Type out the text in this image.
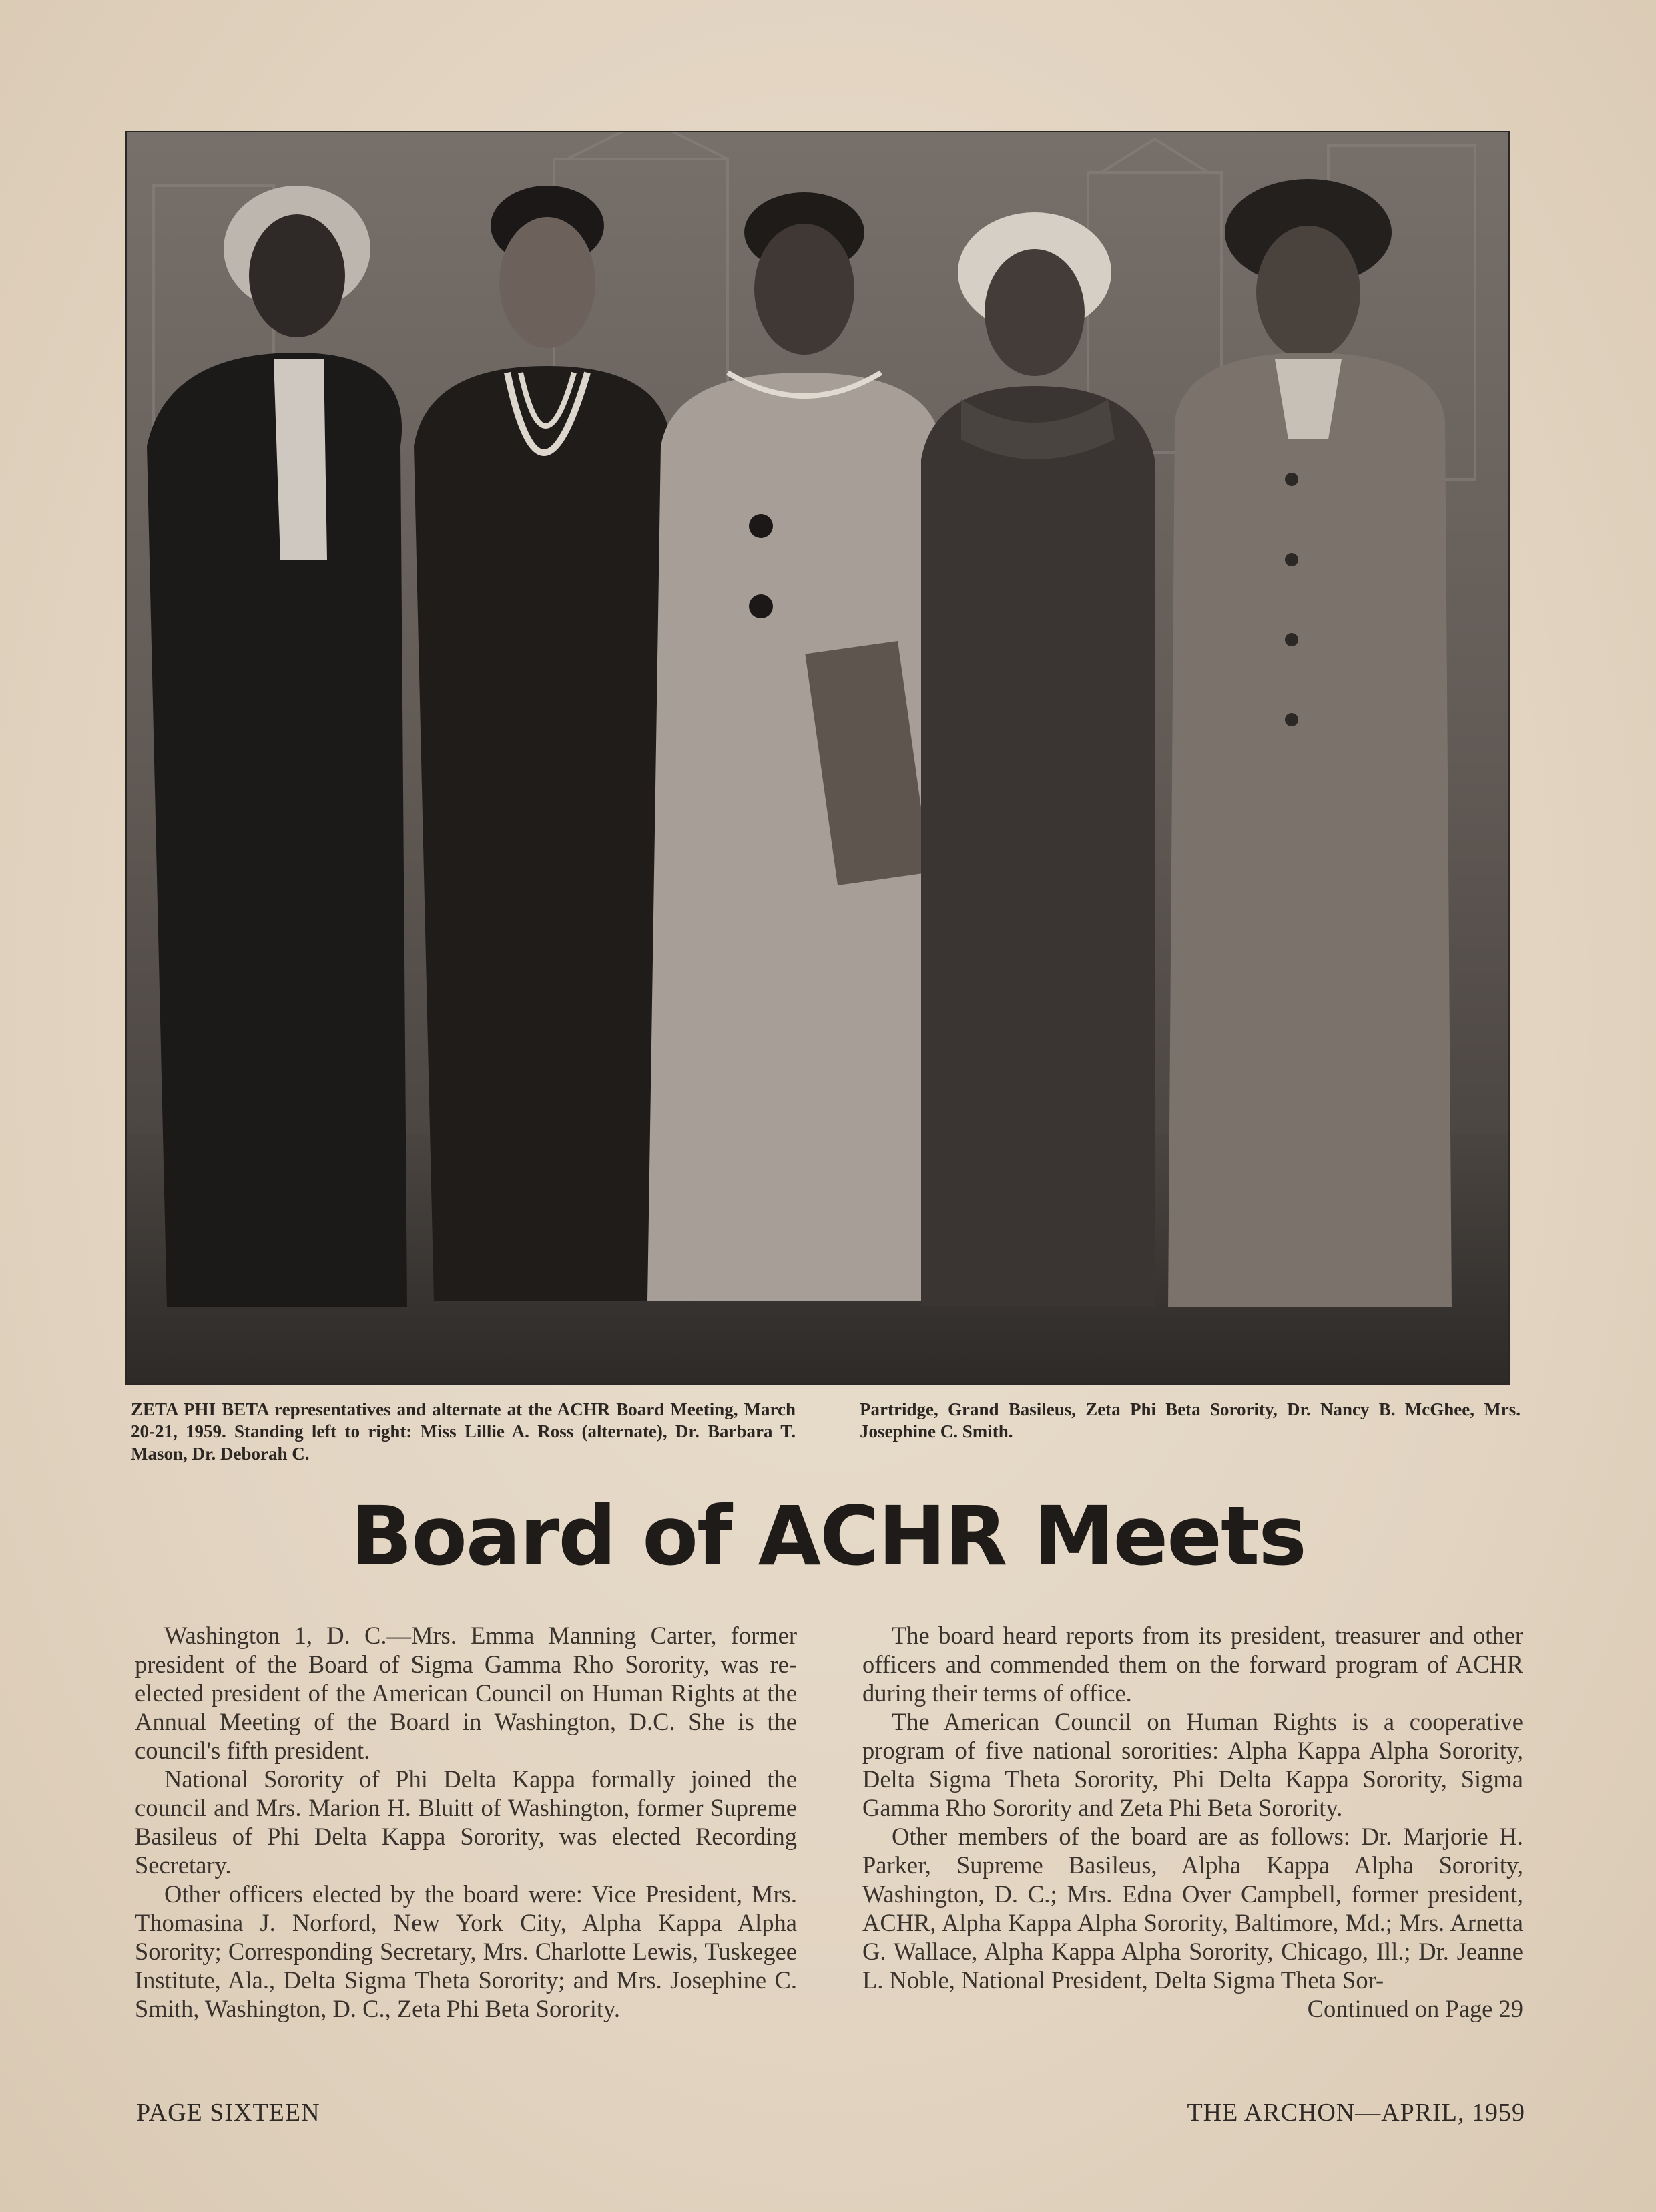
ZETA PHI BETA representatives and alternate at the ACHR Board Meeting, March 20-21, 1959. Standing left to right: Miss Lillie A. Ross (alternate), Dr. Barbara T. Mason, Dr. Deborah C.
Partridge, Grand Basileus, Zeta Phi Beta Sorority, Dr. Nancy B. McGhee, Mrs. Josephine C. Smith.
Board of ACHR Meets

Washington 1, D. C.—Mrs. Emma Manning Carter, former president of the Board of Sigma Gamma Rho Sorority, was re-elected president of the American Council on Human Rights at the Annual Meeting of the Board in Washington, D.C. She is the council's fifth president.

National Sorority of Phi Delta Kappa formally joined the council and Mrs. Marion H. Bluitt of Washington, former Supreme Basileus of Phi Delta Kappa Sorority, was elected Recording Secretary.

Other officers elected by the board were: Vice President, Mrs. Thomasina J. Norford, New York City, Alpha Kappa Alpha Sorority; Corresponding Secretary, Mrs. Charlotte Lewis, Tuskegee Institute, Ala., Delta Sigma Theta Sorority; and Mrs. Josephine C. Smith, Washington, D. C., Zeta Phi Beta Sorority.

The board heard reports from its president, treasurer and other officers and commended them on the forward program of ACHR during their terms of office.

The American Council on Human Rights is a cooperative program of five national sororities: Alpha Kappa Alpha Sorority, Delta Sigma Theta Sorority, Phi Delta Kappa Sorority, Sigma Gamma Rho Sorority and Zeta Phi Beta Sorority.

Other members of the board are as follows: Dr. Marjorie H. Parker, Supreme Basileus, Alpha Kappa Alpha Sorority, Washington, D. C.; Mrs. Edna Over Campbell, former president, ACHR, Alpha Kappa Alpha Sorority, Baltimore, Md.; Mrs. Arnetta G. Wallace, Alpha Kappa Alpha Sorority, Chicago, Ill.; Dr. Jeanne L. Noble, National President, Delta Sigma Theta Sor-

Continued on Page 29

PAGE SIXTEEN	THE ARCHON—APRIL, 1959
